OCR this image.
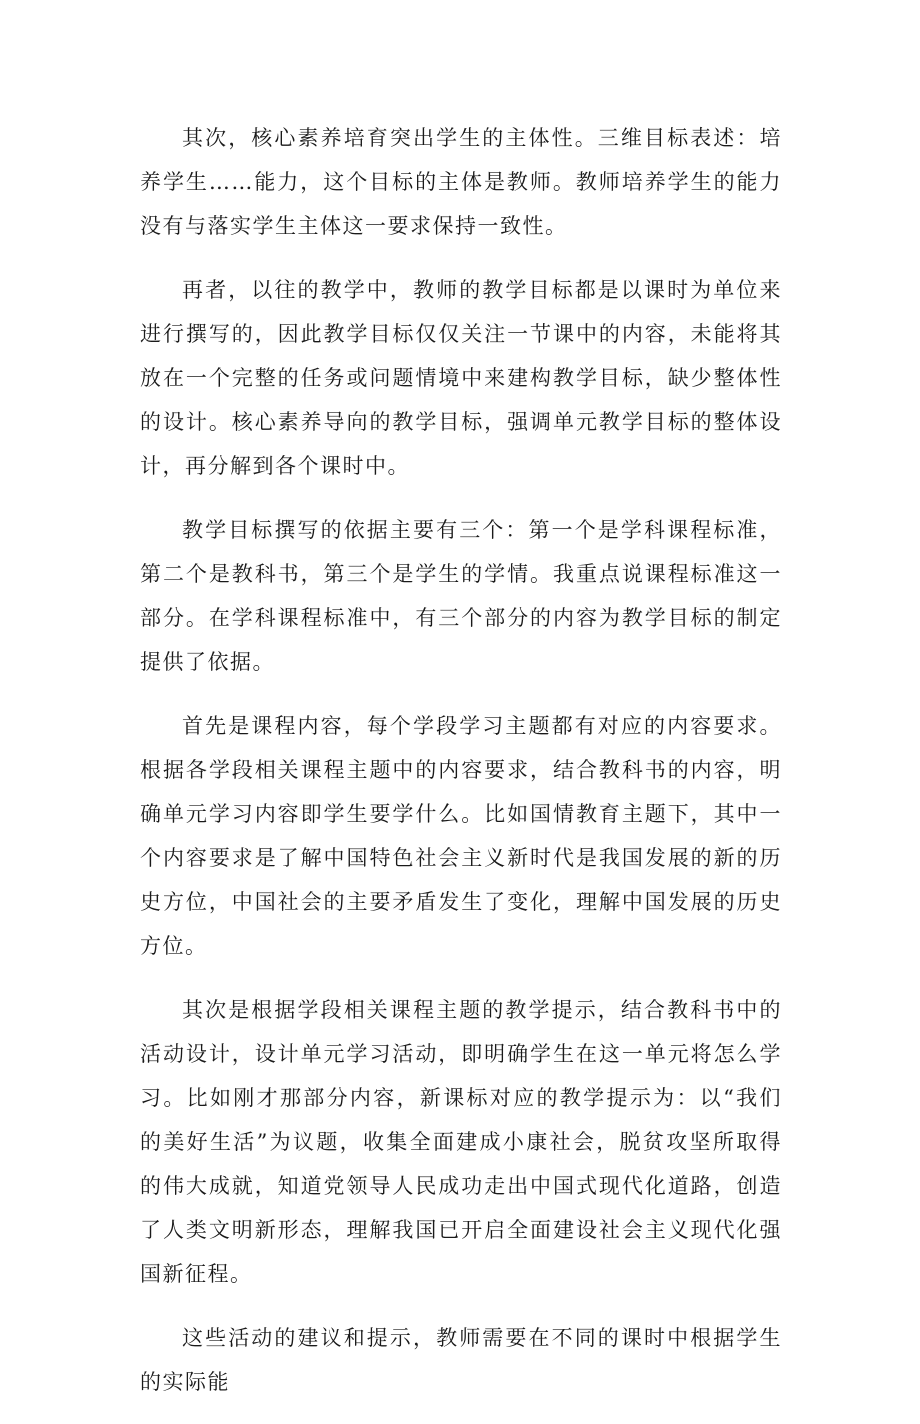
其次，核心素养培育突出学生的主体性。三维目标表述：培养学生……能力，这个目标的主体是教师。教师培养学生的能力没有与落实学生主体这一要求保持一致性。

再者，以往的教学中，教师的教学目标都是以课时为单位来进行撰写的，因此教学目标仅仅关注一节课中的内容，未能将其放在一个完整的任务或问题情境中来建构教学目标，缺少整体性的设计。核心素养导向的教学目标，强调单元教学目标的整体设计，再分解到各个课时中。

教学目标撰写的依据主要有三个：第一个是学科课程标准，第二个是教科书，第三个是学生的学情。我重点说课程标准这一部分。在学科课程标准中，有三个部分的内容为教学目标的制定提供了依据。

首先是课程内容，每个学段学习主题都有对应的内容要求。根据各学段相关课程主题中的内容要求，结合教科书的内容，明确单元学习内容即学生要学什么。比如国情教育主题下，其中一个内容要求是了解中国特色社会主义新时代是我国发展的新的历史方位，中国社会的主要矛盾发生了变化，理解中国发展的历史方位。

其次是根据学段相关课程主题的教学提示，结合教科书中的活动设计，设计单元学习活动，即明确学生在这一单元将怎么学习。比如刚才那部分内容，新课标对应的教学提示为：以“我们的美好生活”为议题，收集全面建成小康社会，脱贫攻坚所取得的伟大成就，知道党领导人民成功走出中国式现代化道路，创造了人类文明新形态，理解我国已开启全面建设社会主义现代化强国新征程。

这些活动的建议和提示，教师需要在不同的课时中根据学生的实际能
